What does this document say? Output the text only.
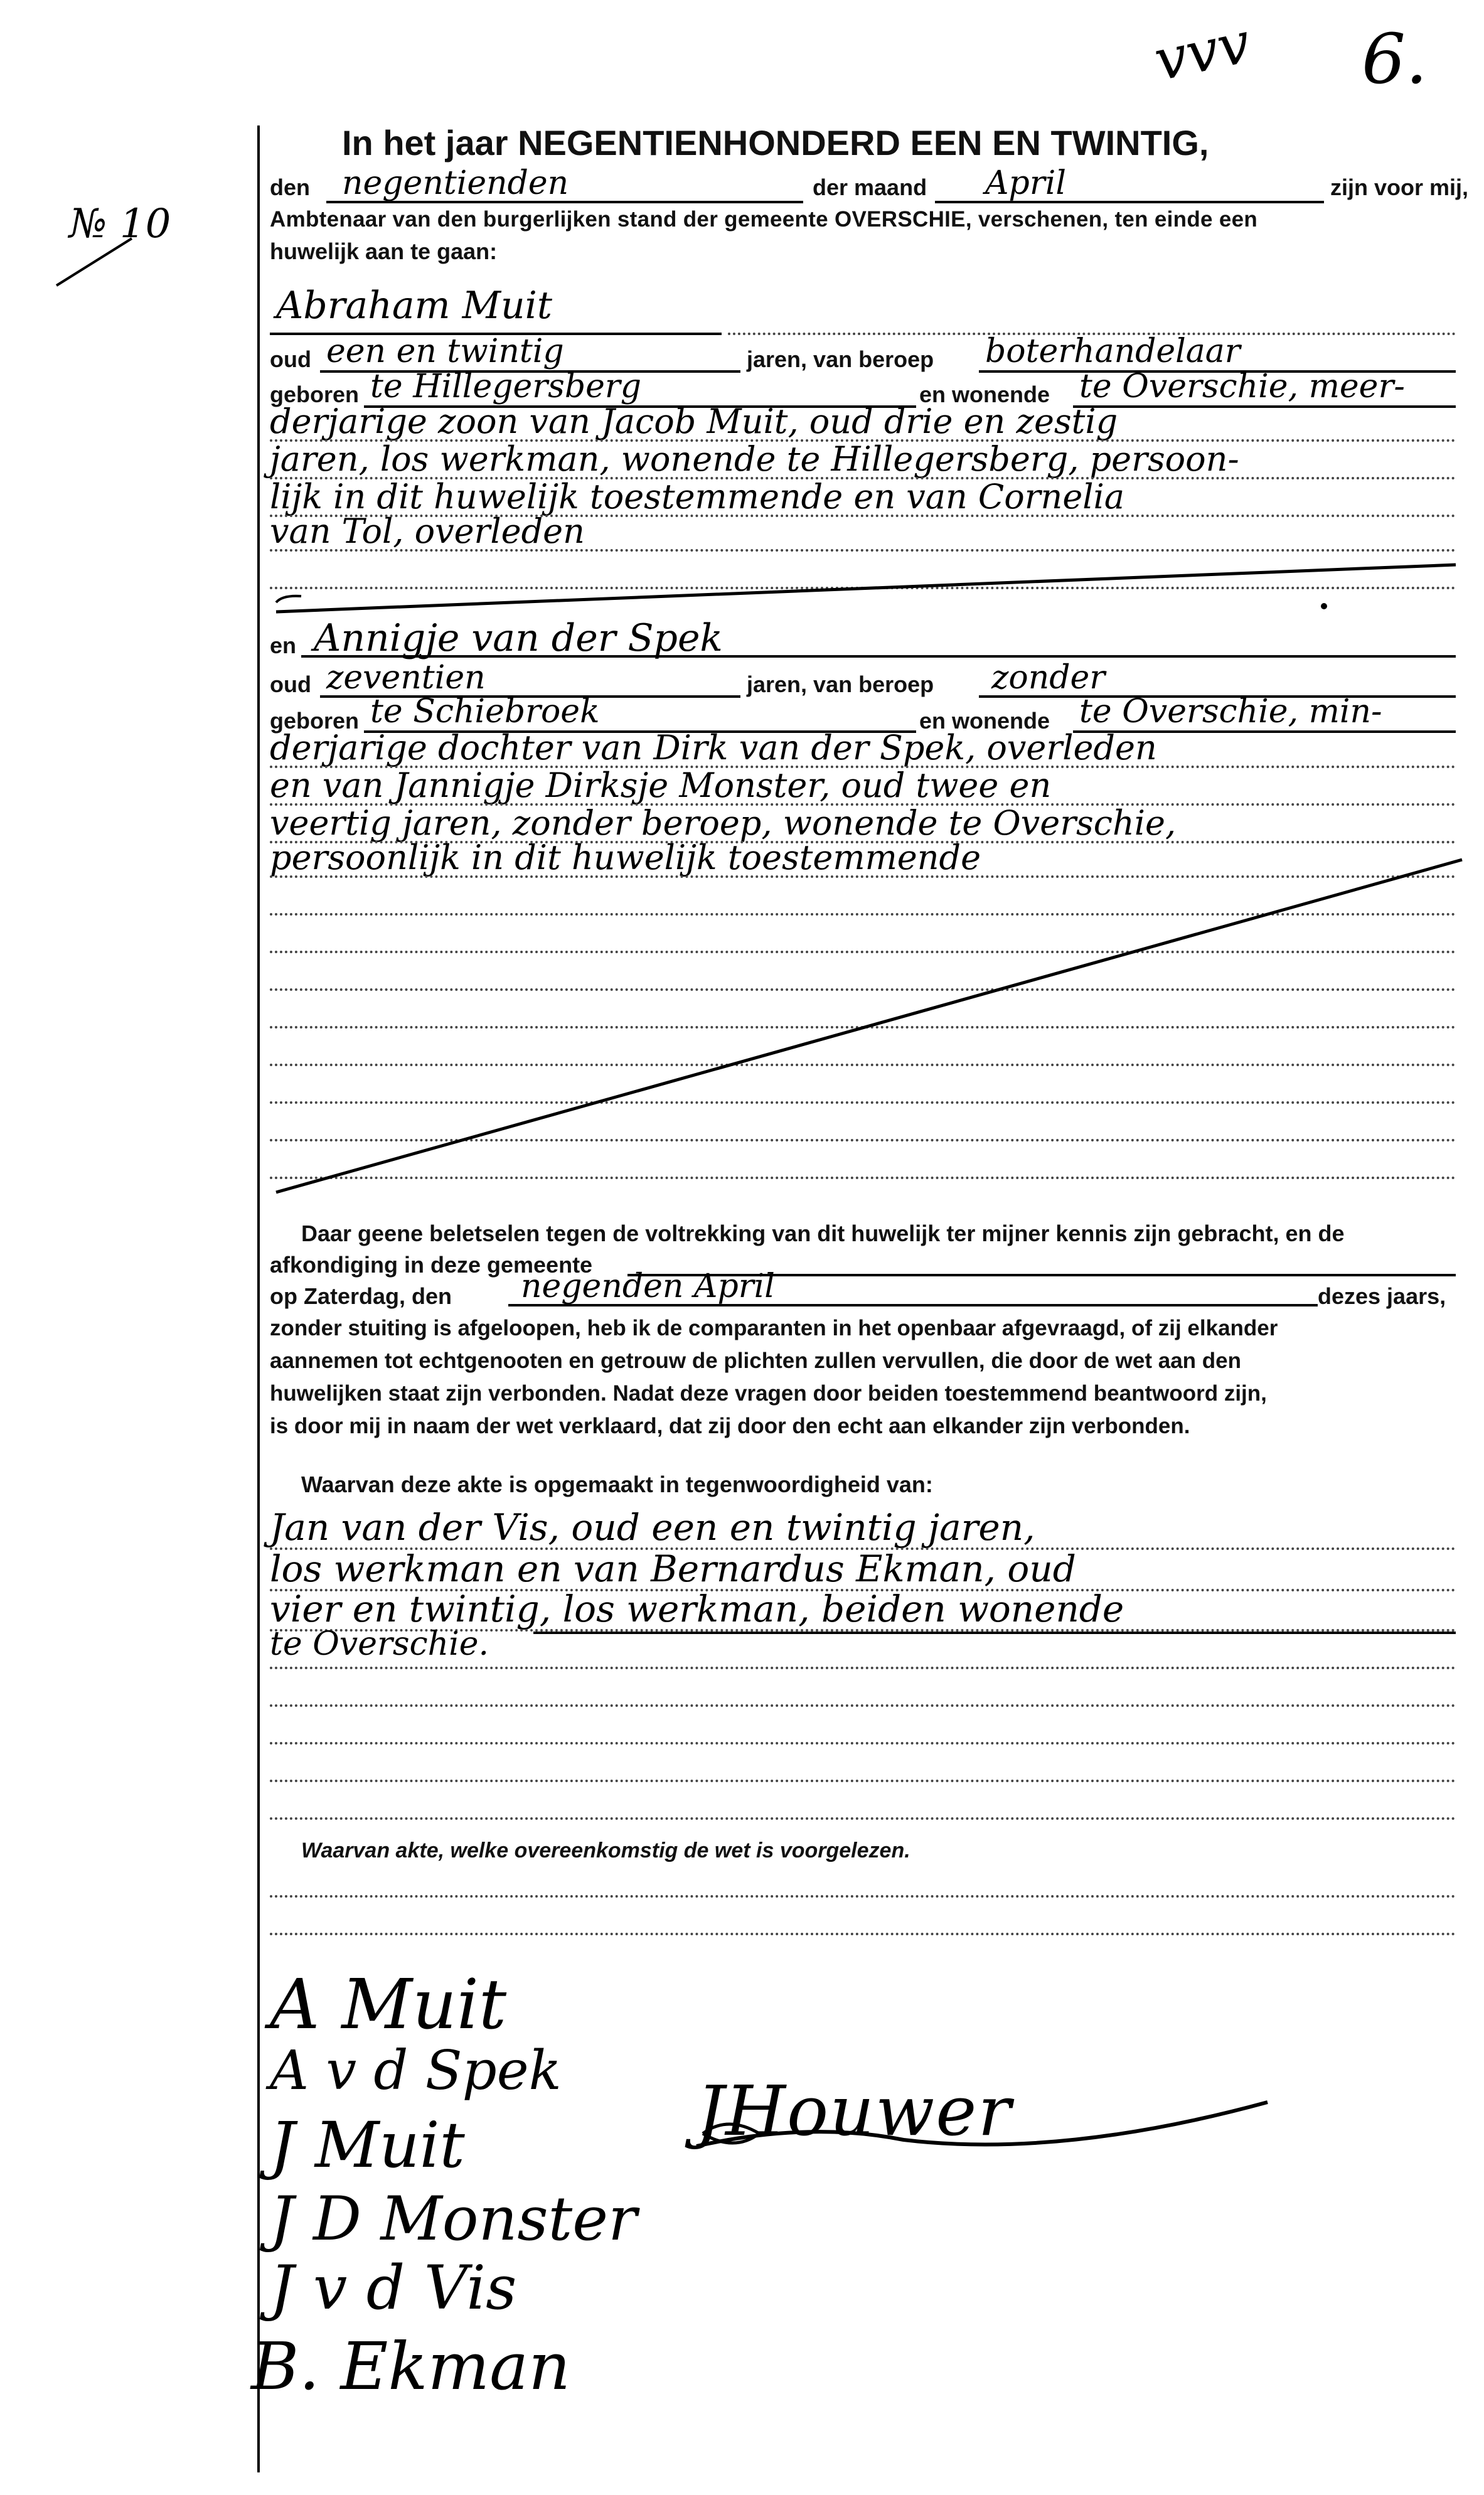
vvv 6.
№ 10
In het jaar NEGENTIENHONDERD EEN EN TWINTIG,
den negentienden	der maand April	zijn voor mij,
Ambtenaar van den burgerlijken stand der gemeente OVERSCHIE, verschenen, ten einde een
huwelijk aan te gaan:
Abraham Muit
oud een en twintig	jaren, van beroep boterhandelaar
geboren te Hillegersberg	en wonende te Overschie, meer-
derjarige zoon van Jacob Muit, oud drie en zestig
jaren, los werkman, wonende te Hillegersberg, persoon-
lijk in dit huwelijk toestemmende en van Cornelia
van Tol, overleden
en Annigje van der Spek
oud zeventien	jaren, van beroep zonder
geboren te Schiebroek	en wonende te Overschie, min-
derjarige dochter van Dirk van der Spek, overleden
en van Jannigje Dirksje Monster, oud twee en
veertig jaren, zonder beroep, wonende te Overschie,
persoonlijk in dit huwelijk toestemmende
Daar geene beletselen tegen de voltrekking van dit huwelijk ter mijner kennis zijn gebracht, en de
afkondiging in deze gemeente
op Zaterdag, den negenden April	dezes jaars,
zonder stuiting is afgeloopen, heb ik de comparanten in het openbaar afgevraagd, of zij elkander
aannemen tot echtgenooten en getrouw de plichten zullen vervullen, die door de wet aan den
huwelijken staat zijn verbonden. Nadat deze vragen door beiden toestemmend beantwoord zijn,
is door mij in naam der wet verklaard, dat zij door den echt aan elkander zijn verbonden.
Waarvan deze akte is opgemaakt in tegenwoordigheid van:
Jan van der Vis, oud een en twintig jaren,
los werkman en van Bernardus Ekman, oud
vier en twintig, los werkman, beiden wonende
te Overschie.
Waarvan akte, welke overeenkomstig de wet is voorgelezen.
A Muit
A v d Spek
J Muit
J D Monster
J v d Vis
B. Ekman
JHouwer
